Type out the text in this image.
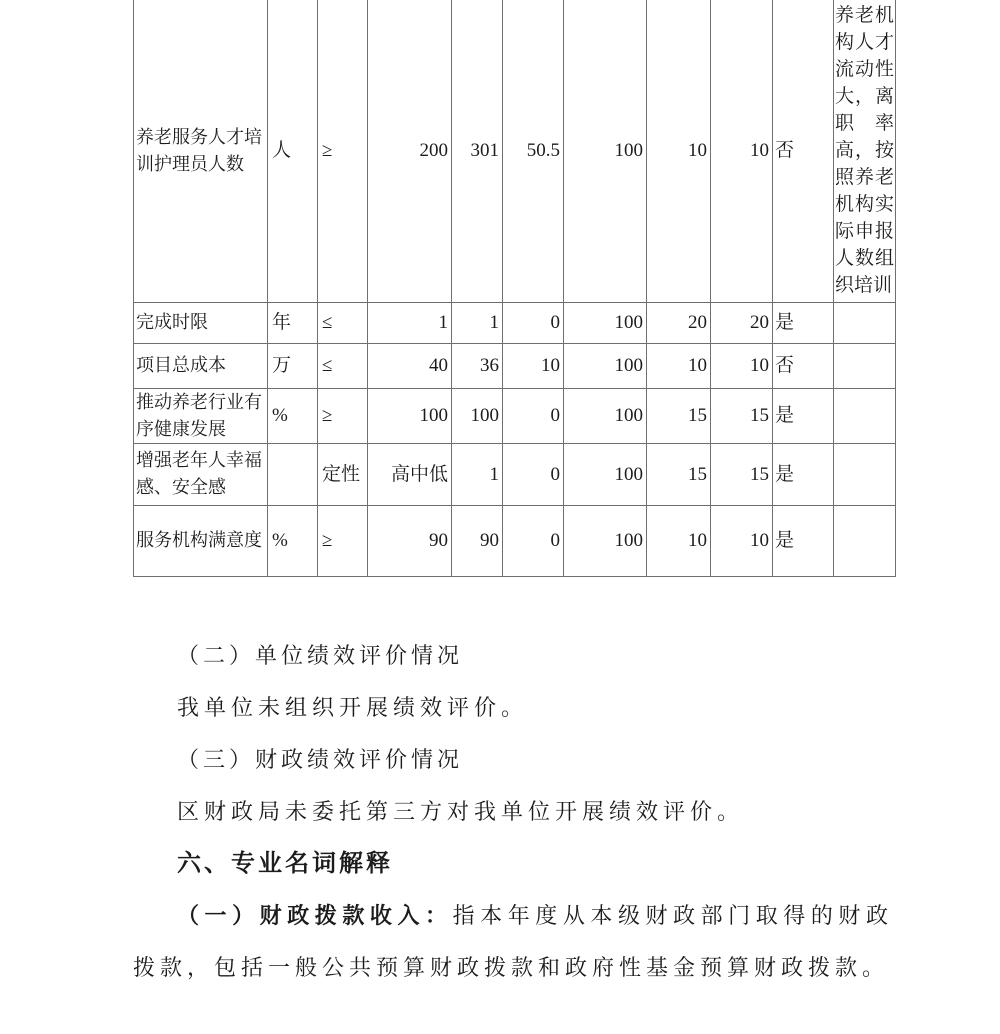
养老服务人才培训护理员人数	人	≥	200	301	50.5	100	10	10	否	养老机构人才流动性大，离职率高，按照养老机构实际申报人数组织培训
完成时限	年	≤	1	1	0	100	20	20	是	
项目总成本	万	≤	40	36	10	100	10	10	否	
推动养老行业有序健康发展	%	≥	100	100	0	100	15	15	是	
增强老年人幸福感、安全感		定性	高中低	1	0	100	15	15	是	
服务机构满意度	%	≥	90	90	0	100	10	10	是	

（二）单位绩效评价情况

我单位未组织开展绩效评价。

（三）财政绩效评价情况

区财政局未委托第三方对我单位开展绩效评价。

六、专业名词解释

（一）财政拨款收入：指本年度从本级财政部门取得的财政拨款，包括一般公共预算财政拨款和政府性基金预算财政拨款。
